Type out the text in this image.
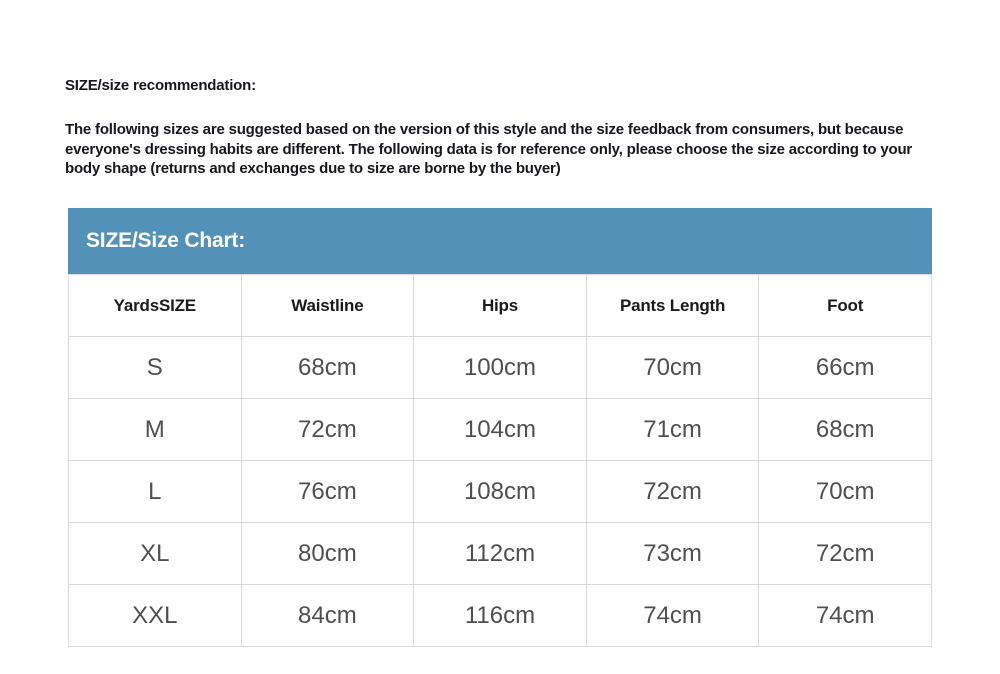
SIZE/size recommendation:
The following sizes are suggested based on the version of this style and the size feedback from consumers, but because everyone's dressing habits are different. The following data is for reference only, please choose the size according to your body shape (returns and exchanges due to size are borne by the buyer)
SIZE/Size Chart:
YardsSIZE	Waistline	Hips	Pants Length	Foot
S	68cm	100cm	70cm	66cm
M	72cm	104cm	71cm	68cm
L	76cm	108cm	72cm	70cm
XL	80cm	112cm	73cm	72cm
XXL	84cm	116cm	74cm	74cm
